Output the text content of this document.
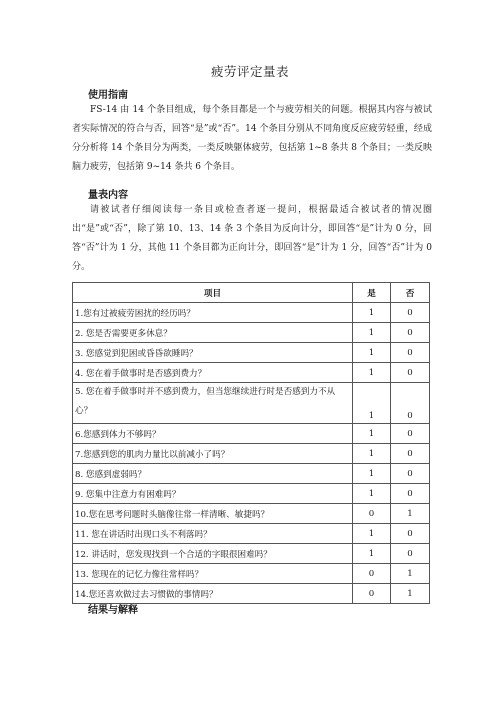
疲劳评定量表
使用指南
FS-14 由 14 个条目组成，每个条目都是一个与疲劳相关的问题。根据其内容与被试者实际情况的符合与否，回答“是”或“否”。14 个条目分别从不同角度反应疲劳轻重，经成分分析将 14 个条目分为两类，一类反映躯体疲劳，包括第 1~8 条共 8 个条目；一类反映脑力疲劳，包括第 9~14 条共 6 个条目。
量表内容
请被试者仔细阅读每一条目或检查者逐一提问，根据最适合被试者的情况圈出“是”或“否”，除了第 10、13、14 条 3 个条目为反向计分，即回答“是”计为 0 分，回答“否”计为 1 分，其他 11 个条目都为正向计分，即回答“是”计为 1 分，回答“否”计为 0 分。
项目	是	否
1.您有过被疲劳困扰的经历吗？	1	0
2. 您是否需要更多休息？	1	0
3. 您感觉到犯困或昏昏欲睡吗？	1	0
4. 您在着手做事时是否感到费力？	1	0
5. 您在着手做事时并不感到费力，但当您继续进行时是否感到力不从心？	1	0
6.您感到体力不够吗？	1	0
7.您感到您的肌肉力量比以前减小了吗？	1	0
8. 您感到虚弱吗？	1	0
9. 您集中注意力有困难吗？	1	0
10.您在思考问题时头脑像往常一样清晰、敏捷吗？	0	1
11. 您在讲话时出现口头不利落吗？	1	0
12. 讲话时，您发现找到一个合适的字眼很困难吗？	1	0
13. 您现在的记忆力像往常样吗？	0	1
14.您还喜欢做过去习惯做的事情吗？	0	1
结果与解释
